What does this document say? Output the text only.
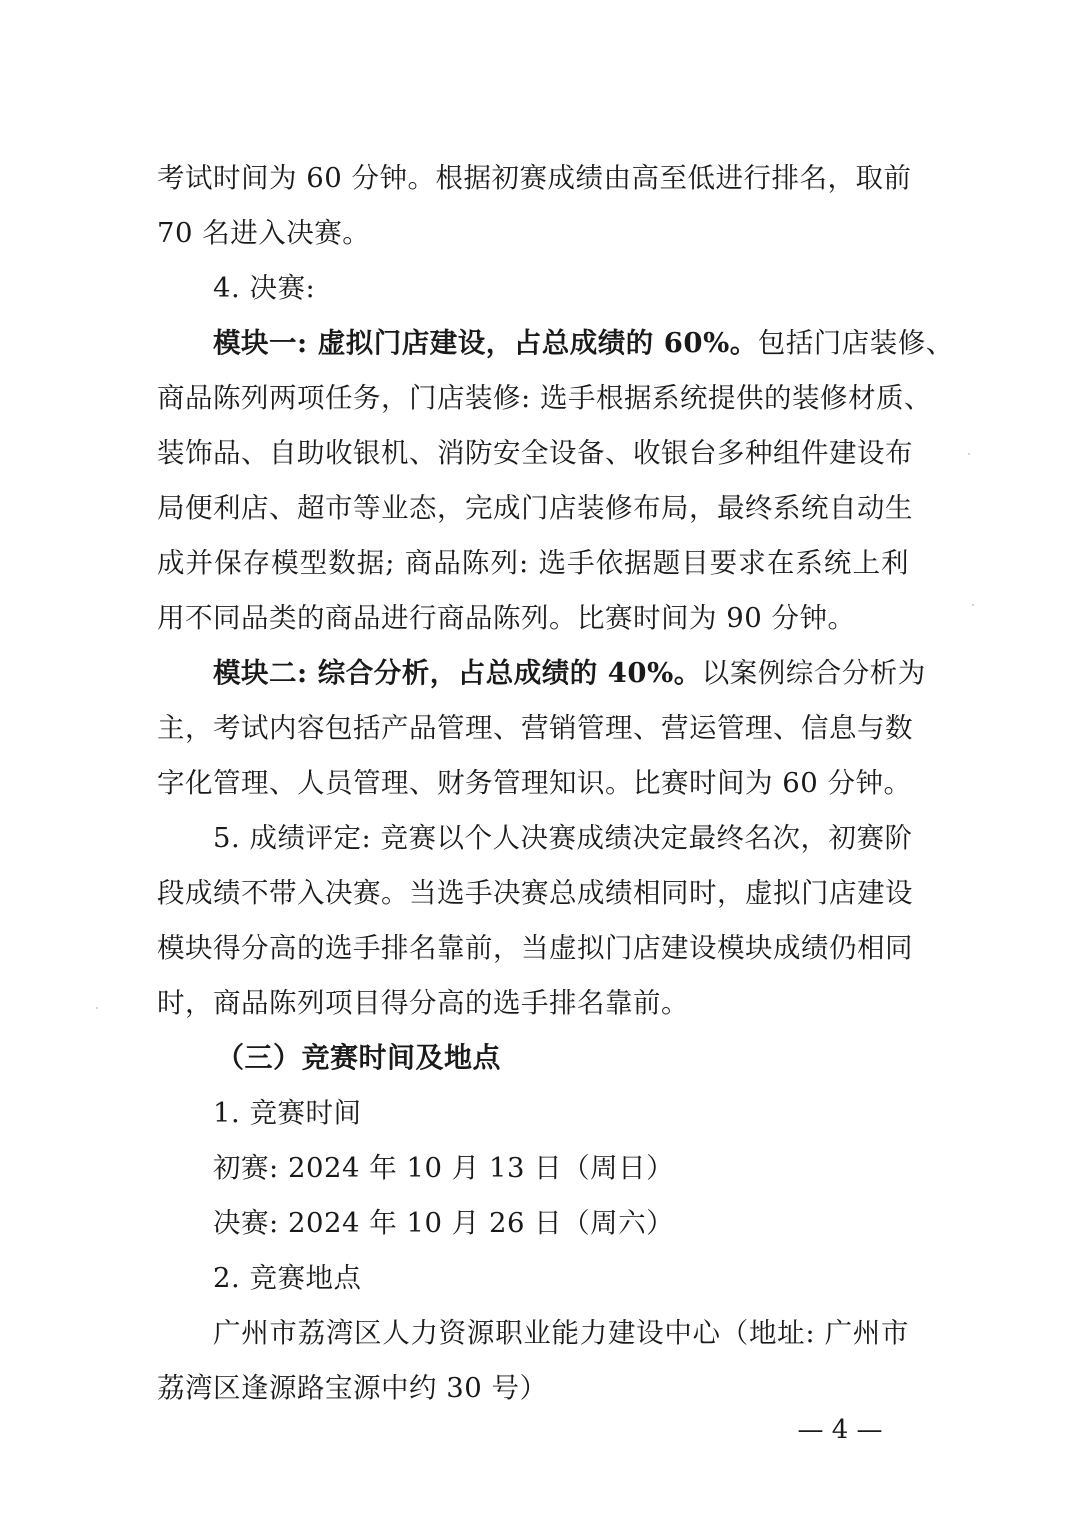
考试时间为 60 分钟。根据初赛成绩由高至低进行排名，取前
70 名进入决赛。
4. 决赛:
模块一: 虚拟门店建设，占总成绩的 60%。包括门店装修、
商品陈列两项任务，门店装修: 选手根据系统提供的装修材质、
装饰品、自助收银机、消防安全设备、收银台多种组件建设布
局便利店、超市等业态，完成门店装修布局，最终系统自动生
成并保存模型数据; 商品陈列: 选手依据题目要求在系统上利
用不同品类的商品进行商品陈列。比赛时间为 90 分钟。
模块二: 综合分析，占总成绩的 40%。以案例综合分析为
主，考试内容包括产品管理、营销管理、营运管理、信息与数
字化管理、人员管理、财务管理知识。比赛时间为 60 分钟。
5. 成绩评定: 竞赛以个人决赛成绩决定最终名次，初赛阶
段成绩不带入决赛。当选手决赛总成绩相同时，虚拟门店建设
模块得分高的选手排名靠前，当虚拟门店建设模块成绩仍相同
时，商品陈列项目得分高的选手排名靠前。
（三）竞赛时间及地点
1. 竞赛时间
初赛: 2024 年 10 月 13 日（周日）
决赛: 2024 年 10 月 26 日（周六）
2. 竞赛地点
广州市荔湾区人力资源职业能力建设中心（地址: 广州市
荔湾区逢源路宝源中约 30 号）
— 4 —
